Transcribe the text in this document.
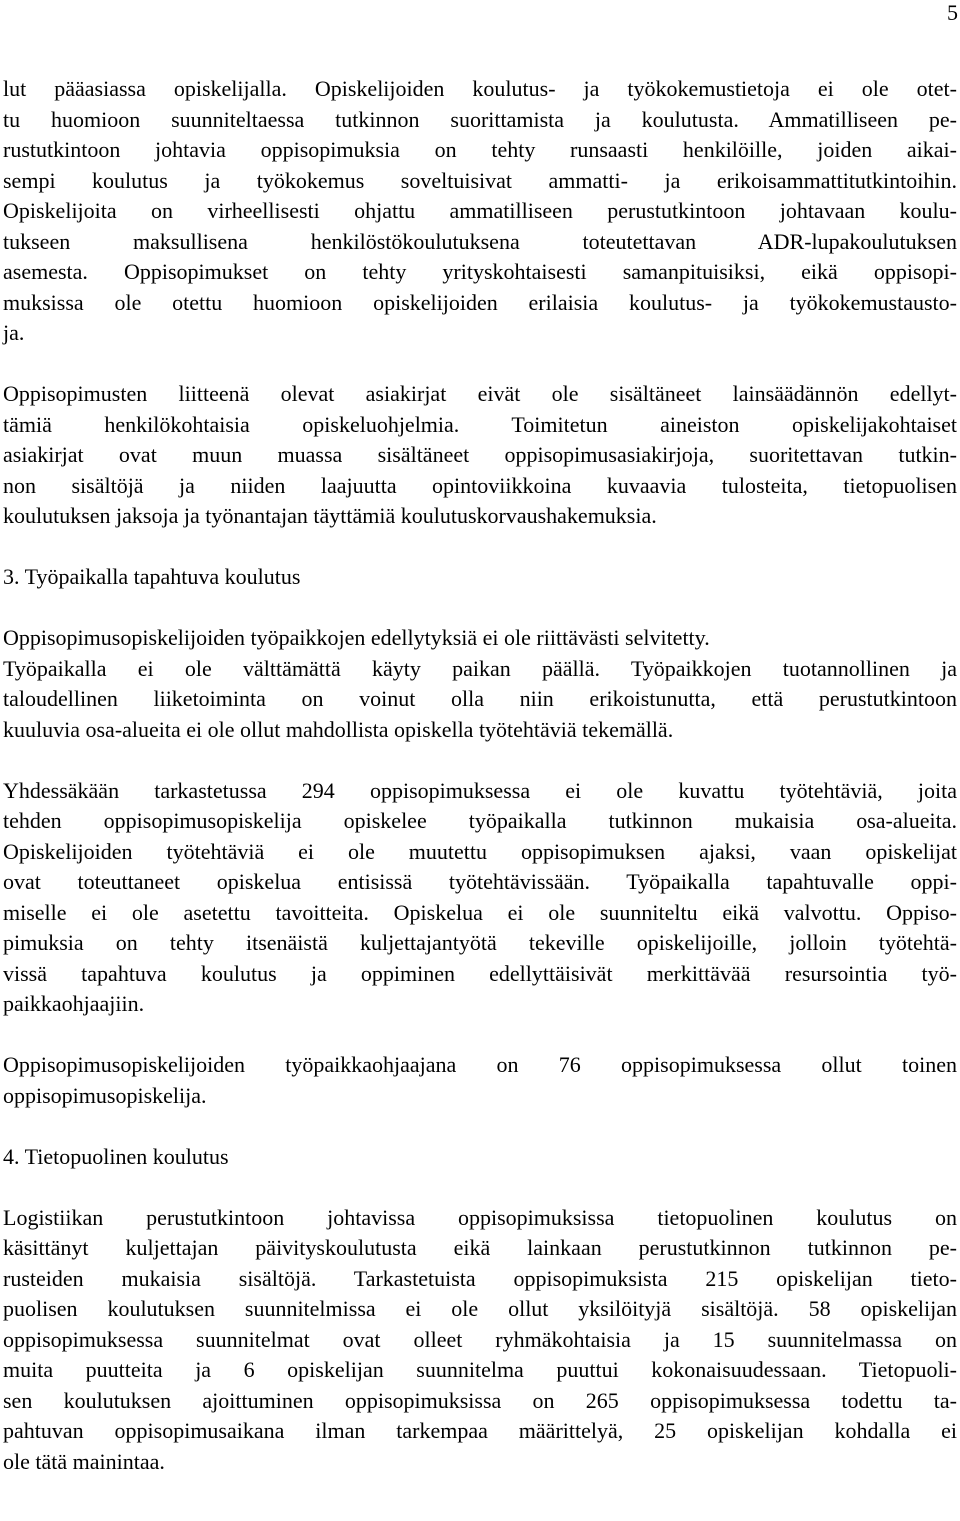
5
lut pääasiassa opiskelijalla. Opiskelijoiden koulutus- ja työkokemustietoja ei ole otet-
tu huomioon suunniteltaessa tutkinnon suorittamista ja koulutusta. Ammatilliseen pe-
rustutkintoon johtavia oppisopimuksia on tehty runsaasti henkilöille, joiden aikai-
sempi koulutus ja työkokemus soveltuisivat ammatti- ja erikoisammattitutkintoihin.
Opiskelijoita on virheellisesti ohjattu ammatilliseen perustutkintoon johtavaan koulu-
tukseen maksullisena henkilöstökoulutuksena toteutettavan ADR-lupakoulutuksen
asemesta. Oppisopimukset on tehty yrityskohtaisesti samanpituisiksi, eikä oppisopi-
muksissa ole otettu huomioon opiskelijoiden erilaisia koulutus- ja työkokemustausto-
ja.
Oppisopimusten liitteenä olevat asiakirjat eivät ole sisältäneet lainsäädännön edellyt-
tämiä henkilökohtaisia opiskeluohjelmia. Toimitetun aineiston opiskelijakohtaiset
asiakirjat ovat muun muassa sisältäneet oppisopimusasiakirjoja, suoritettavan tutkin-
non sisältöjä ja niiden laajuutta opintoviikkoina kuvaavia tulosteita, tietopuolisen
koulutuksen jaksoja ja työnantajan täyttämiä koulutuskorvaushakemuksia.
3. Työpaikalla tapahtuva koulutus
Oppisopimusopiskelijoiden työpaikkojen edellytyksiä ei ole riittävästi selvitetty.
Työpaikalla ei ole välttämättä käyty paikan päällä. Työpaikkojen tuotannollinen ja
taloudellinen liiketoiminta on voinut olla niin erikoistunutta, että perustutkintoon
kuuluvia osa-alueita ei ole ollut mahdollista opiskella työtehtäviä tekemällä.
Yhdessäkään tarkastetussa 294 oppisopimuksessa ei ole kuvattu työtehtäviä, joita
tehden oppisopimusopiskelija opiskelee työpaikalla tutkinnon mukaisia osa-alueita.
Opiskelijoiden työtehtäviä ei ole muutettu oppisopimuksen ajaksi, vaan opiskelijat
ovat toteuttaneet opiskelua entisissä työtehtävissään. Työpaikalla tapahtuvalle oppi-
miselle ei ole asetettu tavoitteita. Opiskelua ei ole suunniteltu eikä valvottu. Oppiso-
pimuksia on tehty itsenäistä kuljettajantyötä tekeville opiskelijoille, jolloin työtehtä-
vissä tapahtuva koulutus ja oppiminen edellyttäisivät merkittävää resursointia työ-
paikkaohjaajiin.
Oppisopimusopiskelijoiden työpaikkaohjaajana on 76 oppisopimuksessa ollut toinen
oppisopimusopiskelija.
4. Tietopuolinen koulutus
Logistiikan perustutkintoon johtavissa oppisopimuksissa tietopuolinen koulutus on
käsittänyt kuljettajan päivityskoulutusta eikä lainkaan perustutkinnon tutkinnon pe-
rusteiden mukaisia sisältöjä. Tarkastetuista oppisopimuksista 215 opiskelijan tieto-
puolisen koulutuksen suunnitelmissa ei ole ollut yksilöityjä sisältöjä. 58 opiskelijan
oppisopimuksessa suunnitelmat ovat olleet ryhmäkohtaisia ja 15 suunnitelmassa on
muita puutteita ja 6 opiskelijan suunnitelma puuttui kokonaisuudessaan. Tietopuoli-
sen koulutuksen ajoittuminen oppisopimuksissa on 265 oppisopimuksessa todettu ta-
pahtuvan oppisopimusaikana ilman tarkempaa määrittelyä, 25 opiskelijan kohdalla ei
ole tätä mainintaa.
